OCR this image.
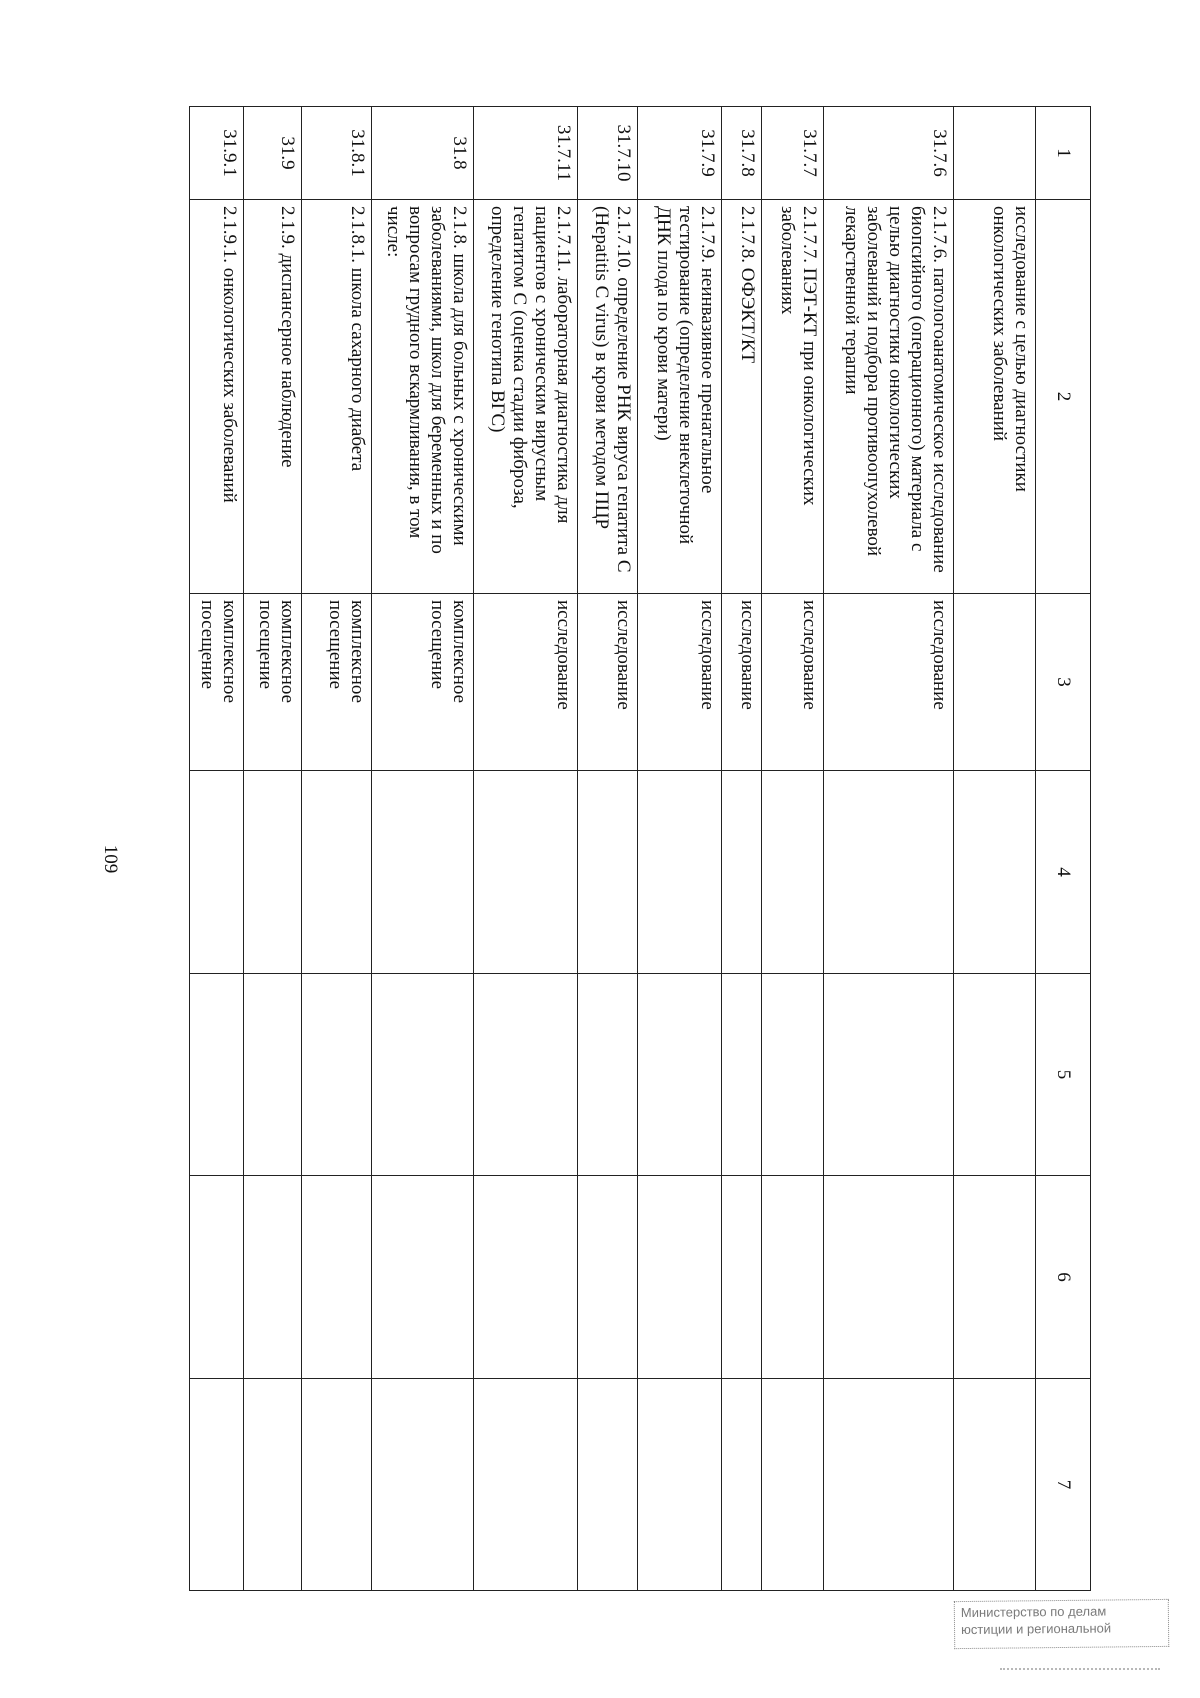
109
1	2	3	4	5	6	7
	исследование с целью диагностики онкологических заболеваний					
31.7.6	2.1.7.6. патологоанатомическое исследование биопсийного (операционного) материала с целью диагностики онкологических заболеваний и подбора противоопухолевой лекарственной терапии	исследование				
31.7.7	2.1.7.7. ПЭТ-КТ при онкологических заболеваниях	исследование				
31.7.8	2.1.7.8. ОФЭКТ/КТ	исследование				
31.7.9	2.1.7.9. неинвазивное пренатальное тестирование (определение внеклеточной ДНК плода по крови матери)	исследование				
31.7.10	2.1.7.10. определение РНК вируса гепатита С (Hepatitis C virus) в крови методом ПЦР	исследование				
31.7.11	2.1.7.11. лабораторная диагностика для пациентов с хроническим вирусным гепатитом С (оценка стадии фиброза, определение генотипа ВГС)	исследование				
31.8	2.1.8. школа для больных с хроническими заболеваниями, школ для беременных и по вопросам грудного вскармливания, в том числе:	комплексное посещение				
31.8.1	2.1.8.1. школа сахарного диабета	комплексное посещение				
31.9	2.1.9. диспансерное наблюдение	комплексное посещение				
31.9.1	2.1.9.1. онкологических заболеваний	комплексное посещение				
Министерство по делам
юстиции и региональной
